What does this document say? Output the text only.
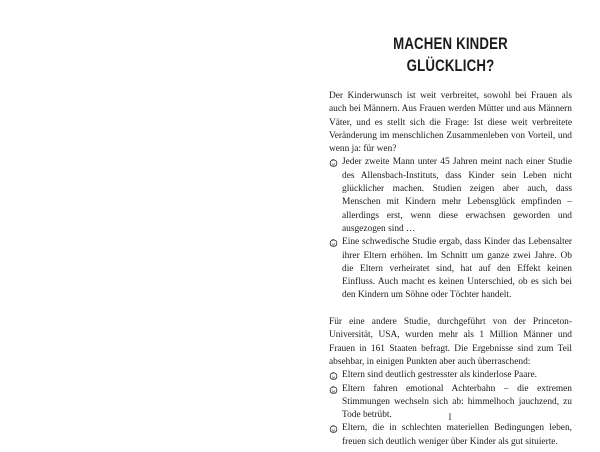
MACHEN KINDER GLÜCKLICH?

Der Kinderwunsch ist weit verbreitet, sowohl bei Frauen als auch bei Männern. Aus Frauen werden Mütter und aus Männern Väter, und es stellt sich die Frage: Ist diese weit verbreitete Veränderung im menschlichen Zusammenleben von Vorteil, und wenn ja: für wen?

Jeder zweite Mann unter 45 Jahren meint nach einer Studie des Allensbach-Instituts, dass Kinder sein Leben nicht glücklicher machen. Studien zeigen aber auch, dass Menschen mit Kindern mehr Lebensglück empfinden – allerdings erst, wenn diese erwachsen geworden und ausgezogen sind …
Eine schwedische Studie ergab, dass Kinder das Lebensalter ihrer Eltern erhöhen. Im Schnitt um ganze zwei Jahre. Ob die Eltern verheiratet sind, hat auf den Effekt keinen Einfluss. Auch macht es keinen Unterschied, ob es sich bei den Kindern um Söhne oder Töchter handelt.

Für eine andere Studie, durchgeführt von der Princeton-Universität, USA, wurden mehr als 1 Million Männer und Frauen in 161 Staaten befragt. Die Ergebnisse sind zum Teil absehbar, in einigen Punkten aber auch überraschend:

Eltern sind deutlich gestresster als kinderlose Paare.
Eltern fahren emotional Achterbahn – die extremen Stimmungen wechseln sich ab: himmelhoch jauchzend, zu Tode betrübt.
Eltern, die in schlechten materiellen Bedingungen leben, freuen sich deutlich weniger über Kinder als gut situierte.
I
